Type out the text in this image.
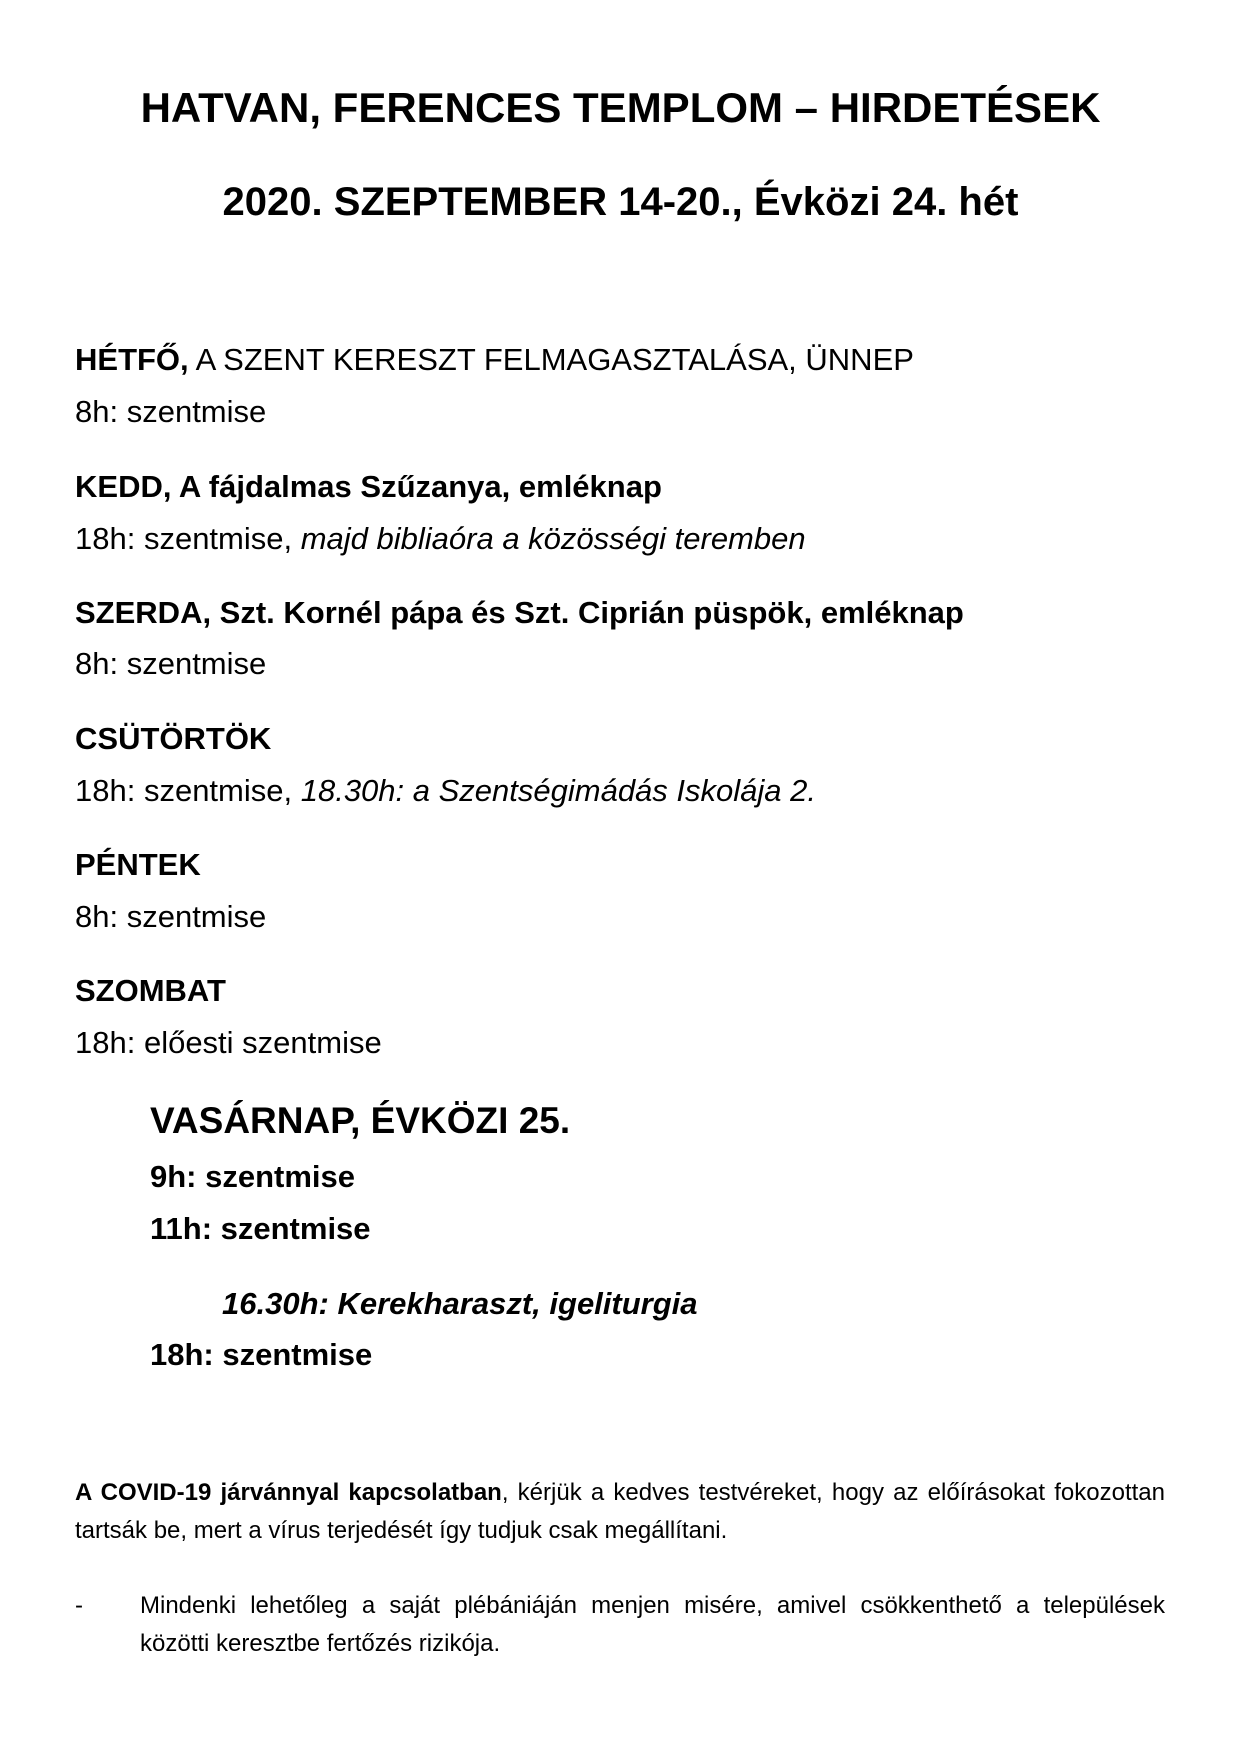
HATVAN, FERENCES TEMPLOM – HIRDETÉSEK
2020. SZEPTEMBER 14-20., Évközi 24. hét
HÉTFŐ, A SZENT KERESZT FELMAGASZTALÁSA, ÜNNEP
8h: szentmise
KEDD, A fájdalmas Szűzanya, emléknap
18h: szentmise, majd bibliaóra a közösségi teremben
SZERDA, Szt. Kornél pápa és Szt. Ciprián püspök, emléknap
8h: szentmise
CSÜTÖRTÖK
18h: szentmise, 18.30h: a Szentségimádás Iskolája 2.
PÉNTEK
8h: szentmise
SZOMBAT
18h: előesti szentmise
VASÁRNAP, ÉVKÖZI 25.
9h: szentmise
11h: szentmise
16.30h: Kerekharaszt, igeliturgia
18h: szentmise
A COVID-19 járvánnyal kapcsolatban, kérjük a kedves testvéreket, hogy az előírásokat fokozottan tartsák be, mert a vírus terjedését így tudjuk csak megállítani.
- Mindenki lehetőleg a saját plébániáján menjen misére, amivel csökkenthető a települések közötti keresztbe fertőzés rizikója.
